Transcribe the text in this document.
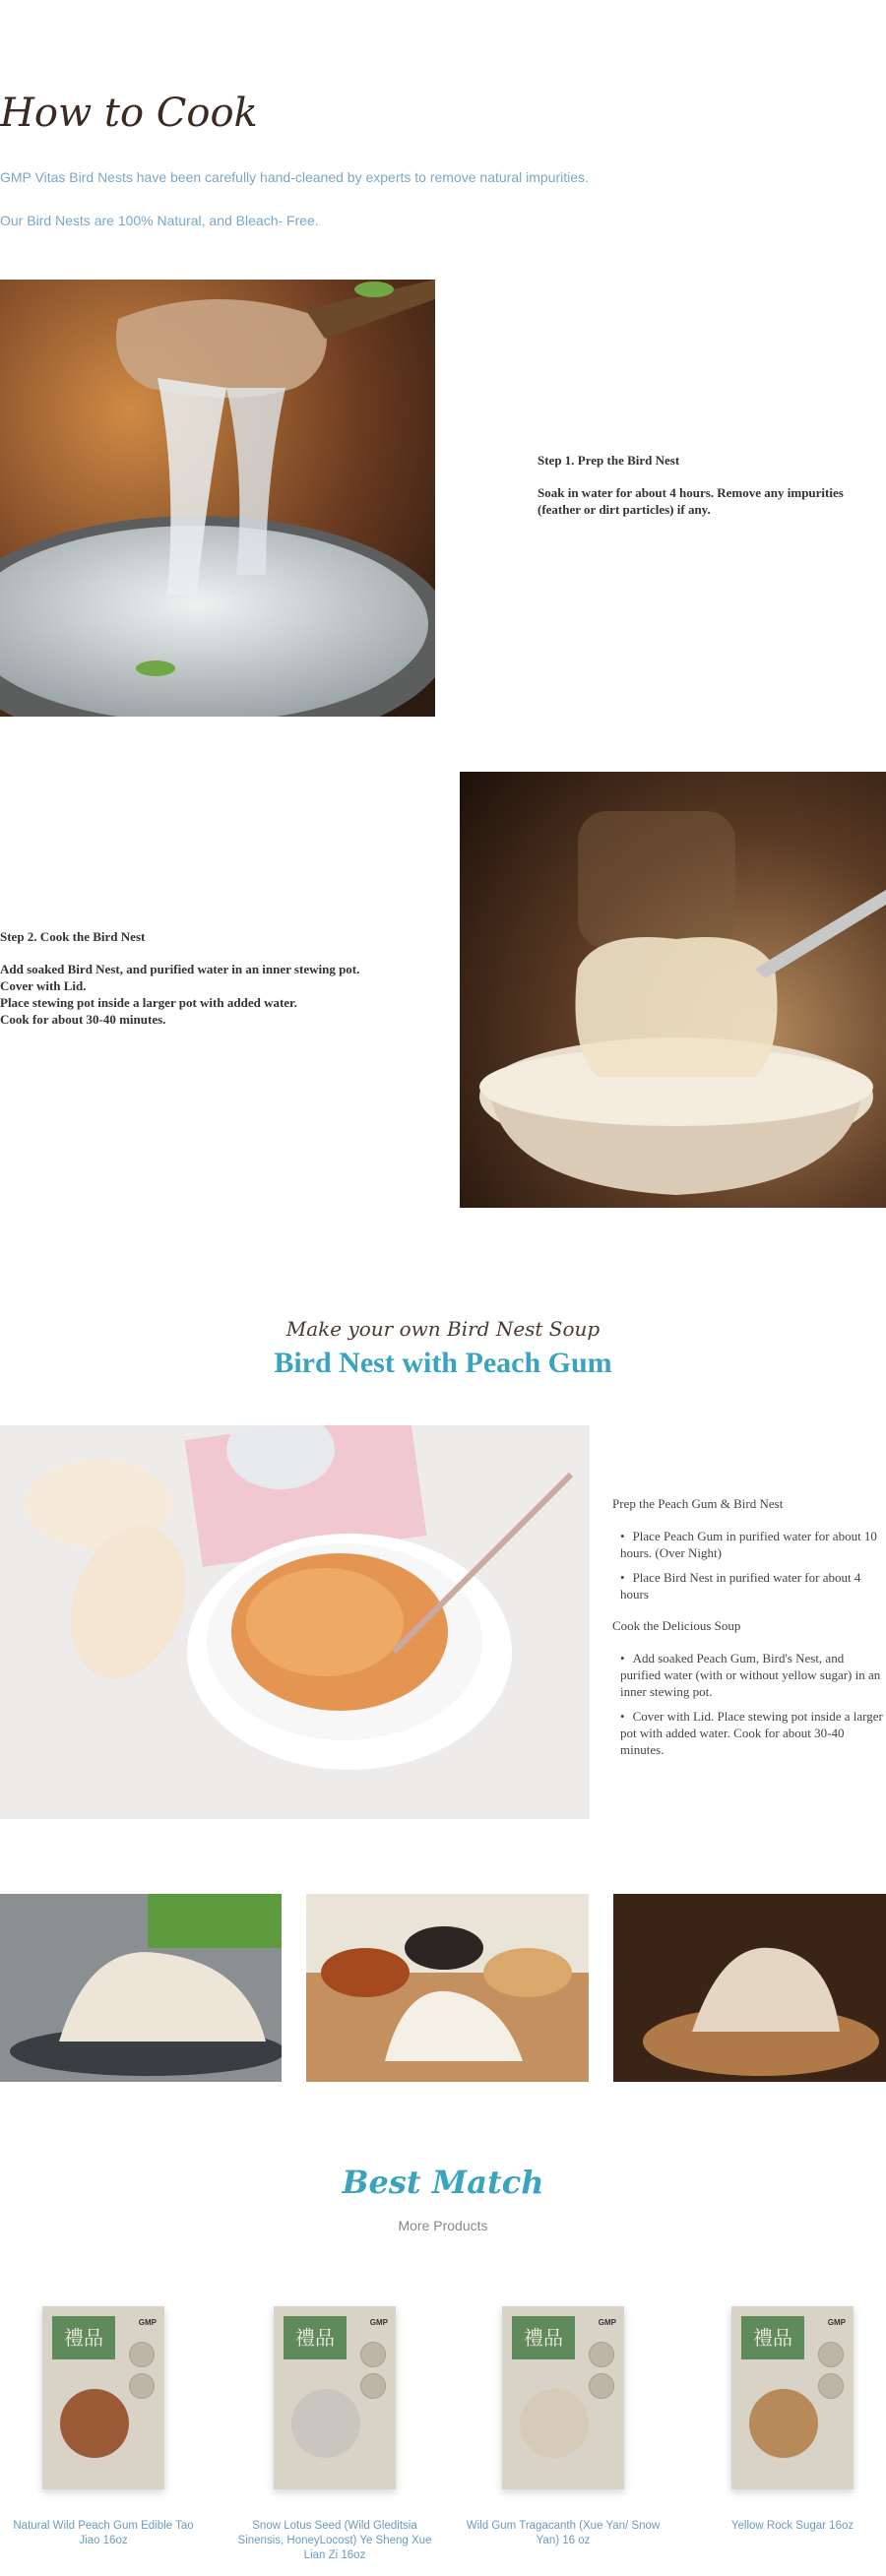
How to Cook

GMP Vitas Bird Nests have been carefully hand-cleaned by experts to remove natural impurities.

Our Bird Nests are 100% Natural, and Bleach- Free.

Step 1. Prep the Bird Nest

Soak in water for about 4 hours. Remove any impurities (feather or dirt particles) if any.

Step 2. Cook the Bird Nest

Add soaked Bird Nest, and purified water in an inner stewing pot.

Cover with Lid.

Place stewing pot inside a larger pot with added water.

Cook for about 30-40 minutes.

Make your own Bird Nest Soup

Bird Nest with Peach Gum
Prep the Peach Gum & Bird Nest
• Place Peach Gum in purified water for about 10 hours. (Over Night)
• Place Bird Nest in purified water for about 4 hours
Cook the Delicious Soup
• Add soaked Peach Gum, Bird's Nest, and purified water (with or without yellow sugar) in an inner stewing pot.
• Cover with Lid. Place stewing pot inside a larger pot with added water. Cook for about 30-40 minutes.
Best Match

More Products

禮品
GMP
Natural Wild Peach Gum Edible Tao Jiao 16oz
禮品
GMP
Snow Lotus Seed (Wild Gleditsia Sinensis, HoneyLocost) Ye Sheng Xue Lian Zi 16oz
禮品
GMP
Wild Gum Tragacanth (Xue Yan/ Snow Yan) 16 oz
禮品
GMP
Yellow Rock Sugar 16oz
